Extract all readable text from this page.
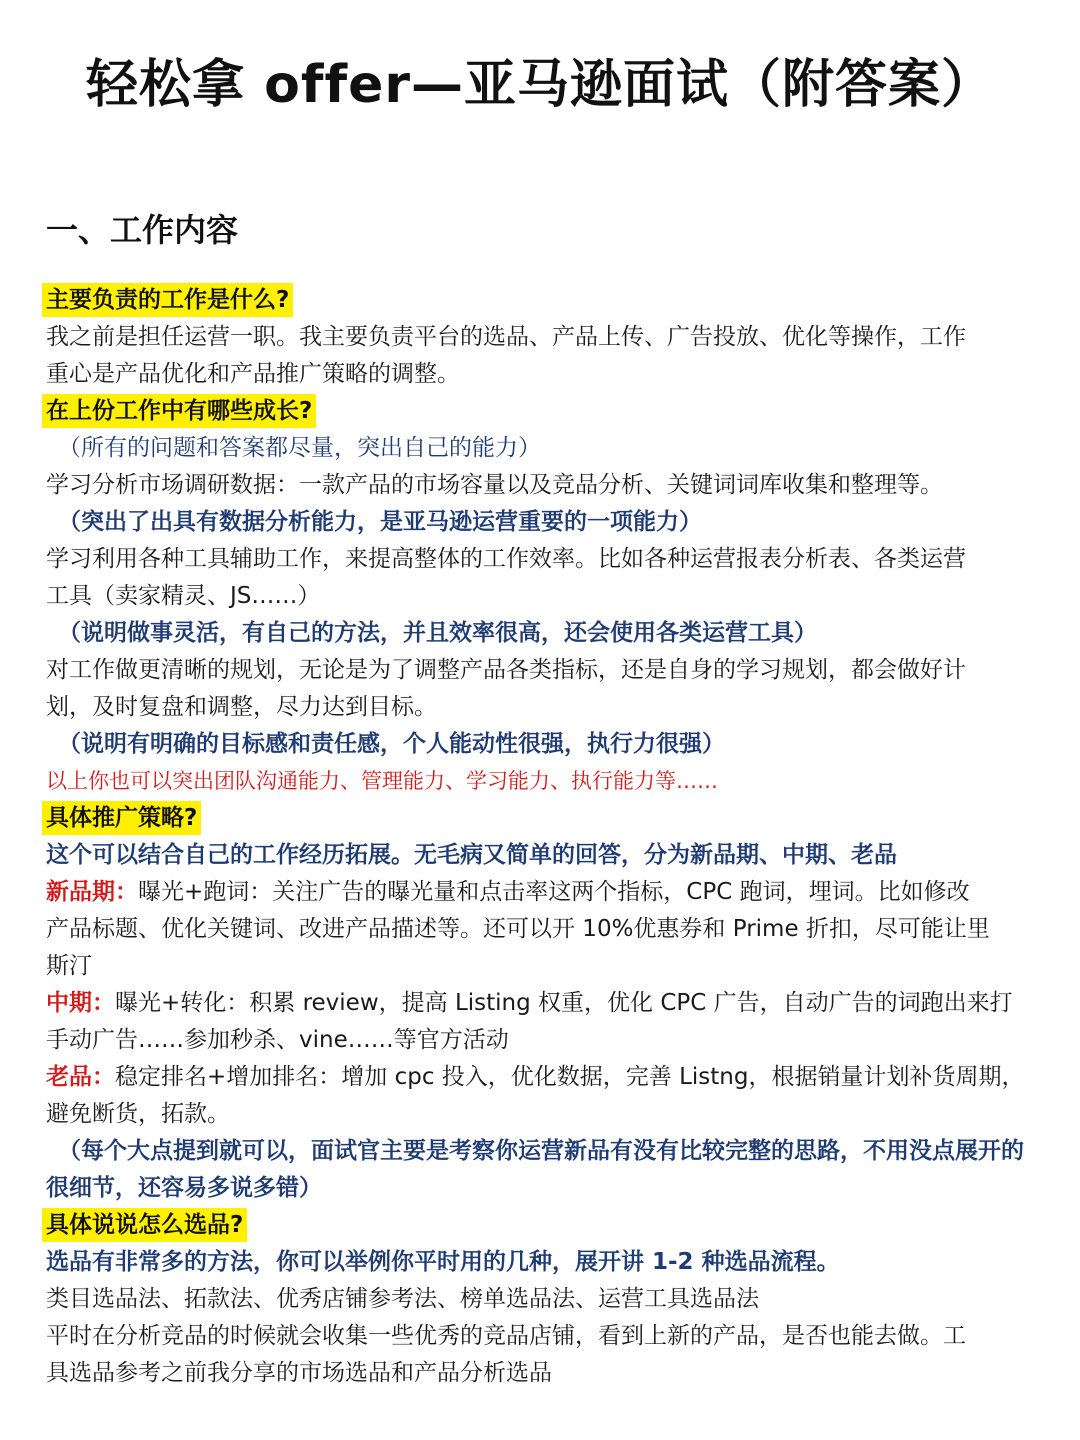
轻松拿 offer—亚马逊面试（附答案）
一、工作内容
主要负责的工作是什么?
我之前是担任运营一职。我主要负责平台的选品、产品上传、广告投放、优化等操作，工作
重心是产品优化和产品推广策略的调整。
在上份工作中有哪些成长?
（所有的问题和答案都尽量，突出自己的能力）
学习分析市场调研数据：一款产品的市场容量以及竞品分析、关键词词库收集和整理等。
（突出了出具有数据分析能力，是亚马逊运营重要的一项能力）
学习利用各种工具辅助工作，来提高整体的工作效率。比如各种运营报表分析表、各类运营
工具（卖家精灵、JS……）
（说明做事灵活，有自己的方法，并且效率很高，还会使用各类运营工具）
对工作做更清晰的规划，无论是为了调整产品各类指标，还是自身的学习规划，都会做好计
划，及时复盘和调整，尽力达到目标。
（说明有明确的目标感和责任感，个人能动性很强，执行力很强）
以上你也可以突出团队沟通能力、管理能力、学习能力、执行能力等……
具体推广策略?
这个可以结合自己的工作经历拓展。无毛病又简单的回答，分为新品期、中期、老品
新品期：曝光+跑词：关注广告的曝光量和点击率这两个指标，CPC 跑词，埋词。比如修改
产品标题、优化关键词、改进产品描述等。还可以开 10%优惠券和 Prime 折扣，尽可能让里
斯汀
中期：曝光+转化：积累 review，提高 Listing 权重，优化 CPC 广告，自动广告的词跑出来打
手动广告……参加秒杀、vine……等官方活动
老品：稳定排名+增加排名：增加 cpc 投入，优化数据，完善 Listng，根据销量计划补货周期，
避免断货，拓款。
（每个大点提到就可以，面试官主要是考察你运营新品有没有比较完整的思路，不用没点展开的
很细节，还容易多说多错）
具体说说怎么选品?
选品有非常多的方法，你可以举例你平时用的几种，展开讲 1-2 种选品流程。
类目选品法、拓款法、优秀店铺参考法、榜单选品法、运营工具选品法
平时在分析竞品的时候就会收集一些优秀的竞品店铺，看到上新的产品，是否也能去做。工
具选品参考之前我分享的市场选品和产品分析选品
